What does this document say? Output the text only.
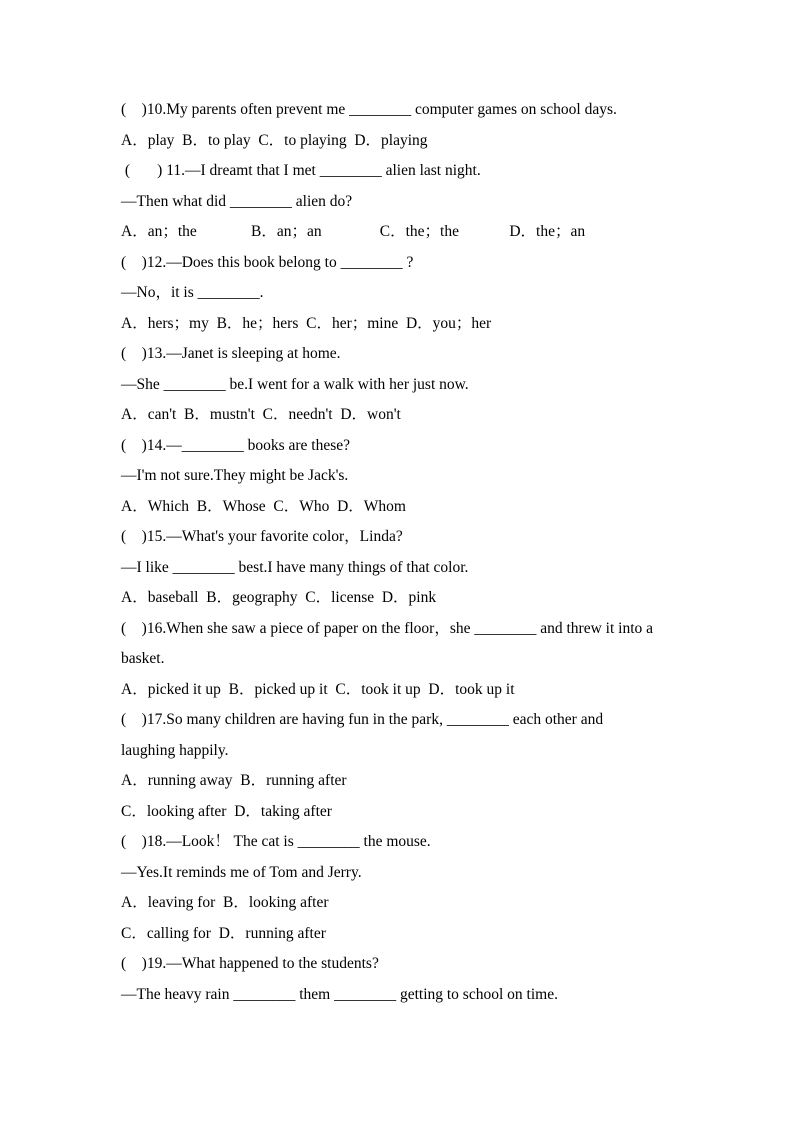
(    )10.My parents often prevent me ________ computer games on school days.
A．play  B．to play  C．to playing  D．playing
(       ) 11.—I dreamt that I met ________ alien last night.
—Then what did ________ alien do?
A．an；the              B．an；an               C．the；the             D．the；an
(    )12.—Does this book belong to ________ ?
—No，it is ________.
A．hers；my  B．he；hers  C．her；mine  D．you；her
(    )13.—Janet is sleeping at home.
—She ________ be.I went for a walk with her just now.
A．can't  B．mustn't  C．needn't  D．won't
(    )14.—________ books are these?
—I'm not sure.They might be Jack's.
A．Which  B．Whose  C．Who  D．Whom
(    )15.—What's your favorite color，Linda?
—I like ________ best.I have many things of that color.
A．baseball  B．geography  C．license  D．pink
(    )16.When she saw a piece of paper on the floor，she ________ and threw it into a
basket.
A．picked it up  B．picked up it  C．took it up  D．took up it
(    )17.So many children are having fun in the park, ________ each other and
laughing happily.
A．running away  B．running after
C．looking after  D．taking after
(    )18.—Look！ The cat is ________ the mouse.
—Yes.It reminds me of Tom and Jerry.
A．leaving for  B．looking after
C．calling for  D．running after
(    )19.—What happened to the students?
—The heavy rain ________ them ________ getting to school on time.
